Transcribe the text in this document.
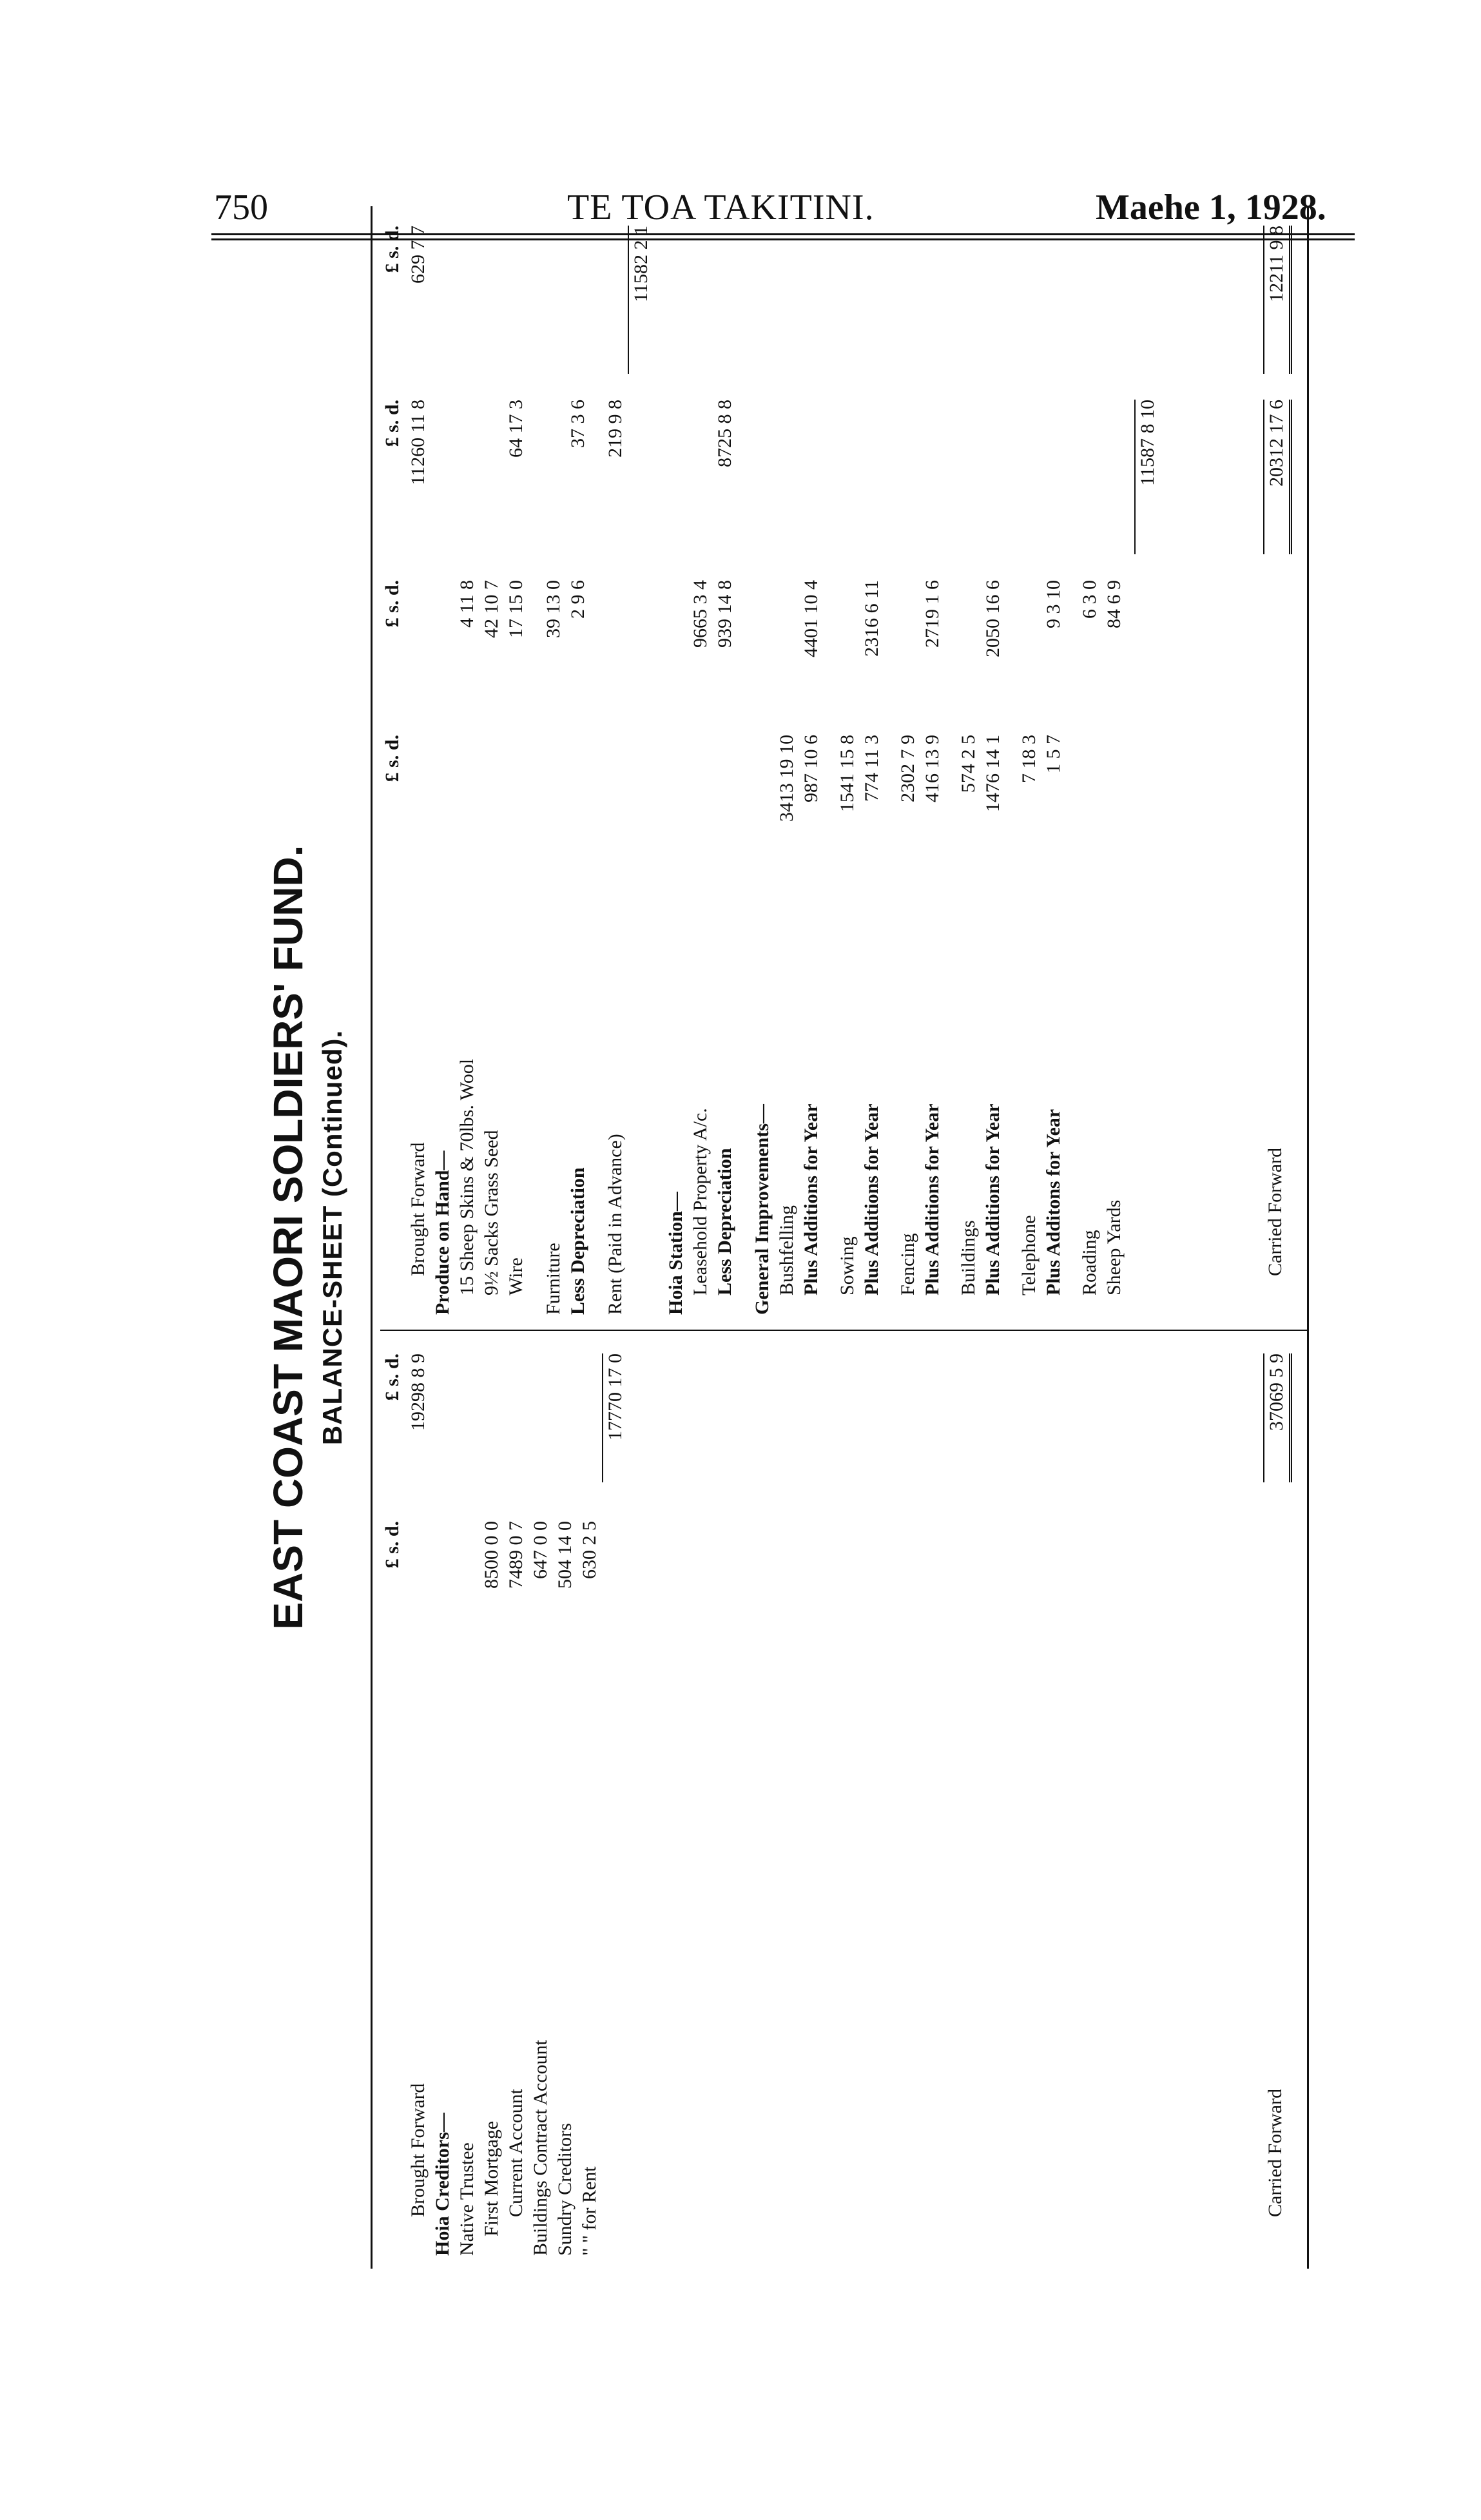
750	TE TOA TAKITINI.	Maehe 1, 1928.
EAST COAST MAORI SOLDIERS' FUND. BALANCE-SHEET (Continued).
£ s. d.
£ s. d.
Brought Forward
19298 8 9
Hoia Creditors— Native Trustee First Mortgage
8500 0 0
Current Account
7489 0 7
Buildings Contract Account
647 0 0
Sundry Creditors
504 14 0
" " for Rent
630 2 5
17770 17 0
Carried Forward
37069 5 9
£ s. d.
£ s. d.
£ s. d.
£ s. d.
Brought Forward
11260 11 8
629 7 7
Produce on Hand— 15 Sheep Skins & 70lbs. Wool
4 11 8
9½ Sacks Grass Seed
42 10 7
Wire
17 15 0
64 17 3
Furniture
39 13 0
Less Depreciation
2 9 6
37 3 6
Rent (Paid in Advance)
219 9 8
11582 2 1
Hoia Station— Leasehold Property A/c.
9665 3 4
Less Depreciation
939 14 8
8725 8 8
General Improvements— Bushfelling
3413 19 10
Plus Additions for Year
987 10 6
4401 10 4
Sowing
1541 15 8
Plus Additions for Year
774 11 3
2316 6 11
Fencing
2302 7 9
Plus Additions for Year
416 13 9
2719 1 6
Buildings
574 2 5
Plus Additions for Year
1476 14 1
2050 16 6
Telephone
7 18 3
Plus Additons for Year
1 5 7
9 3 10
Roading
6 3 0
Sheep Yards
84 6 9
11587 8 10
Carried Forward
20312 17 6
12211 9 8
